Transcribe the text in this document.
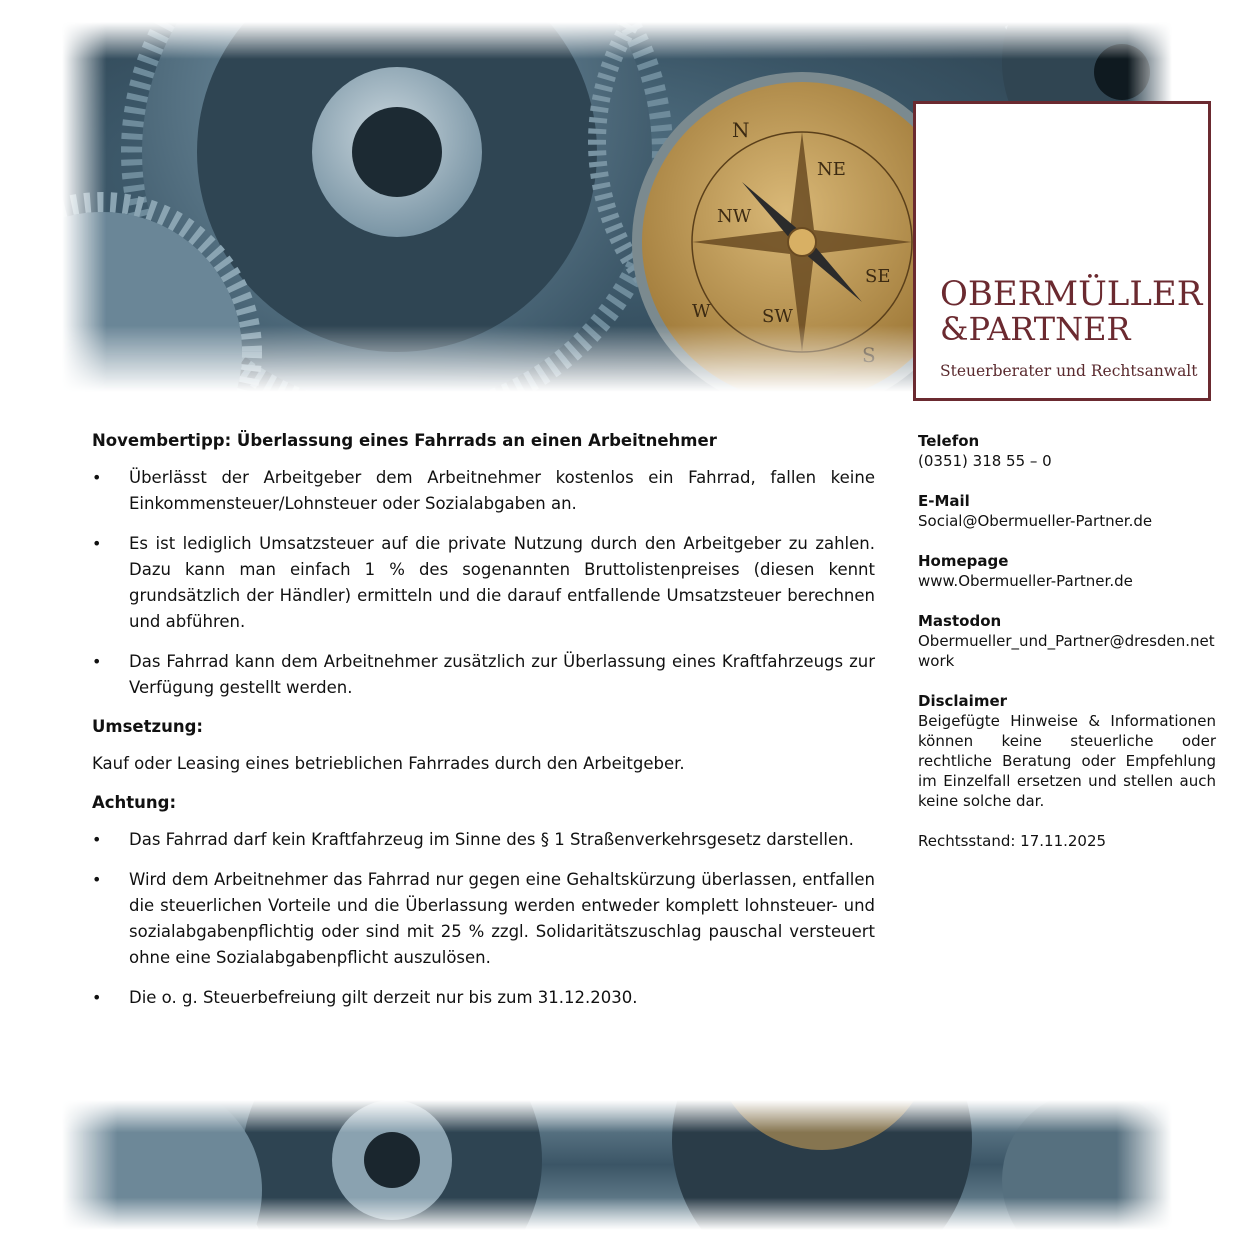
NE
NW
SE
SW
N
S
W	OBERMÜLLER
&PARTNER
Steuerberater und Rechtsanwalt
Novembertipp: Überlassung eines Fahrrads an einen Arbeitnehmer
• Überlässt der Arbeitgeber dem Arbeitnehmer kostenlos ein Fahrrad, fallen keine Einkommensteuer/Lohnsteuer oder Sozialabgaben an.
• Es ist lediglich Umsatzsteuer auf die private Nutzung durch den Arbeitgeber zu zahlen. Dazu kann man einfach 1 % des sogenannten Bruttolistenpreises (diesen kennt grundsätzlich der Händler) ermitteln und die darauf entfallende Umsatzsteuer berechnen und abführen.
• Das Fahrrad kann dem Arbeitnehmer zusätzlich zur Überlassung eines Kraftfahrzeugs zur Verfügung gestellt werden.
Umsetzung:

Kauf oder Leasing eines betrieblichen Fahrrades durch den Arbeitgeber.

Achtung:
• Das Fahrrad darf kein Kraftfahrzeug im Sinne des § 1 Straßenverkehrsgesetz darstellen.
• Wird dem Arbeitnehmer das Fahrrad nur gegen eine Gehaltskürzung überlassen, entfallen die steuerlichen Vorteile und die Überlassung werden entweder komplett lohnsteuer- und sozialabgabenpflichtig oder sind mit 25 % zzgl. Solidaritätszuschlag pauschal versteuert ohne eine Sozialabgabenpflicht auszulösen.
• Die o. g. Steuerbefreiung gilt derzeit nur bis zum 31.12.2030.
Telefon
(0351) 318 55 – 0
E-Mail
Social@Obermueller-Partner.de
Homepage
www.Obermueller-Partner.de
Mastodon
Obermueller_und_Partner@dresden.network
Disclaimer
Beigefügte Hinweise & Informationen können keine steuerliche oder rechtliche Beratung oder Empfehlung im Einzelfall ersetzen und stellen auch keine solche dar.
Rechtsstand: 17.11.2025
